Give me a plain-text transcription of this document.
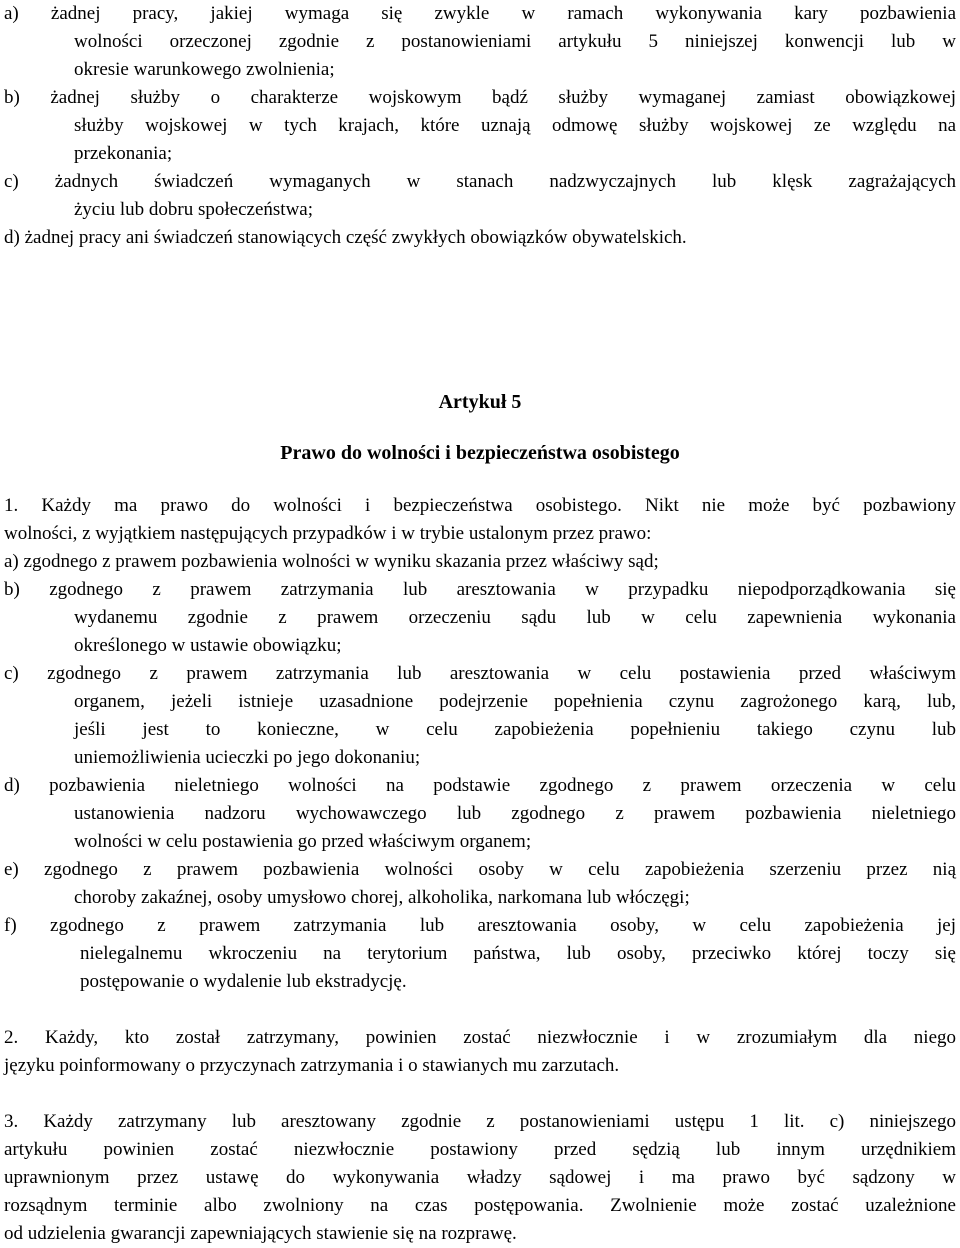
a) żadnej pracy, jakiej wymaga się zwykle w ramach wykonywania kary pozbawienia
wolności orzeczonej zgodnie z postanowieniami artykułu 5 niniejszej konwencji lub w
okresie warunkowego zwolnienia;
b) żadnej służby o charakterze wojskowym bądź służby wymaganej zamiast obowiązkowej
służby wojskowej w tych krajach, które uznają odmowę służby wojskowej ze względu na
przekonania;
c) żadnych świadczeń wymaganych w stanach nadzwyczajnych lub klęsk zagrażających
życiu lub dobru społeczeństwa;
d) żadnej pracy ani świadczeń stanowiących część zwykłych obowiązków obywatelskich.
Artykuł 5
Prawo do wolności i bezpieczeństwa osobistego
1. Każdy ma prawo do wolności i bezpieczeństwa osobistego. Nikt nie może być pozbawiony
wolności, z wyjątkiem następujących przypadków i w trybie ustalonym przez prawo:
a) zgodnego z prawem pozbawienia wolności w wyniku skazania przez właściwy sąd;
b) zgodnego z prawem zatrzymania lub aresztowania w przypadku niepodporządkowania się
wydanemu zgodnie z prawem orzeczeniu sądu lub w celu zapewnienia wykonania
określonego w ustawie obowiązku;
c) zgodnego z prawem zatrzymania lub aresztowania w celu postawienia przed właściwym
organem, jeżeli istnieje uzasadnione podejrzenie popełnienia czynu zagrożonego karą, lub,
jeśli jest to konieczne, w celu zapobieżenia popełnieniu takiego czynu lub
uniemożliwienia ucieczki po jego dokonaniu;
d) pozbawienia nieletniego wolności na podstawie zgodnego z prawem orzeczenia w celu
ustanowienia nadzoru wychowawczego lub zgodnego z prawem pozbawienia nieletniego
wolności w celu postawienia go przed właściwym organem;
e) zgodnego z prawem pozbawienia wolności osoby w celu zapobieżenia szerzeniu przez nią
choroby zakaźnej, osoby umysłowo chorej, alkoholika, narkomana lub włóczęgi;
f) zgodnego z prawem zatrzymania lub aresztowania osoby, w celu zapobieżenia jej
nielegalnemu wkroczeniu na terytorium państwa, lub osoby, przeciwko której toczy się
postępowanie o wydalenie lub ekstradycję.
2. Każdy, kto został zatrzymany, powinien zostać niezwłocznie i w zrozumiałym dla niego
języku poinformowany o przyczynach zatrzymania i o stawianych mu zarzutach.
3. Każdy zatrzymany lub aresztowany zgodnie z postanowieniami ustępu 1 lit. c) niniejszego
artykułu powinien zostać niezwłocznie postawiony przed sędzią lub innym urzędnikiem
uprawnionym przez ustawę do wykonywania władzy sądowej i ma prawo być sądzony w
rozsądnym terminie albo zwolniony na czas postępowania. Zwolnienie może zostać uzależnione
od udzielenia gwarancji zapewniających stawienie się na rozprawę.
